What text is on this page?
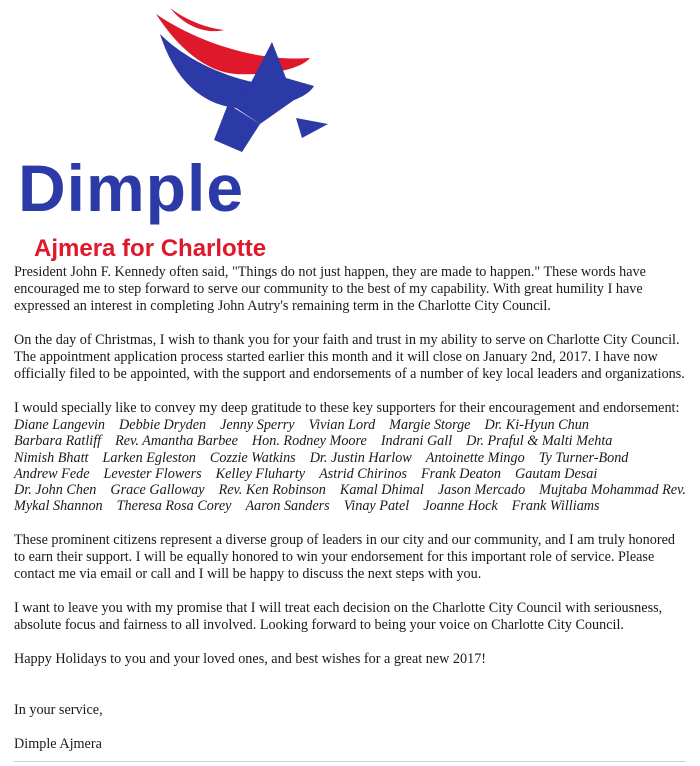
Dimple
Ajmera for Charlotte

President John F. Kennedy often said, "Things do not just happen, they are made to happen." These words have encouraged me to step forward to serve our community to the best of my capability. With great humility I have expressed an interest in completing John Autry's remaining term in the Charlotte City Council.

On the day of Christmas, I wish to thank you for your faith and trust in my ability to serve on Charlotte City Council. The appointment application process started earlier this month and it will close on January 2nd, 2017. I have now officially filed to be appointed, with the support and endorsements of a number of key local leaders and organizations.

I would specially like to convey my deep gratitude to these key supporters for their encouragement and endorsement:

Diane Langevin Debbie Dryden Jenny Sperry Vivian Lord Margie Storge Dr. Ki-Hyun Chun
Barbara Ratliff Rev. Amantha Barbee Hon. Rodney Moore Indrani Gall Dr. Praful & Malti Mehta
Nimish Bhatt Larken Egleston Cozzie Watkins Dr. Justin Harlow Antoinette Mingo Ty Turner-Bond
Andrew Fede Levester Flowers Kelley Fluharty Astrid Chirinos Frank Deaton Gautam Desai
Dr. John Chen Grace Galloway Rev. Ken Robinson Kamal Dhimal Jason Mercado Mujtaba Mohammad Rev.
Mykal Shannon Theresa Rosa Corey Aaron Sanders Vinay Patel Joanne Hock Frank Williams

These prominent citizens represent a diverse group of leaders in our city and our community, and I am truly honored to earn their support. I will be equally honored to win your endorsement for this important role of service. Please contact me via email or call and I will be happy to discuss the next steps with you.

I want to leave you with my promise that I will treat each decision on the Charlotte City Council with seriousness, absolute focus and fairness to all involved. Looking forward to being your voice on Charlotte City Council.

Happy Holidays to you and your loved ones, and best wishes for a great new 2017!

In your service,

Dimple Ajmera
